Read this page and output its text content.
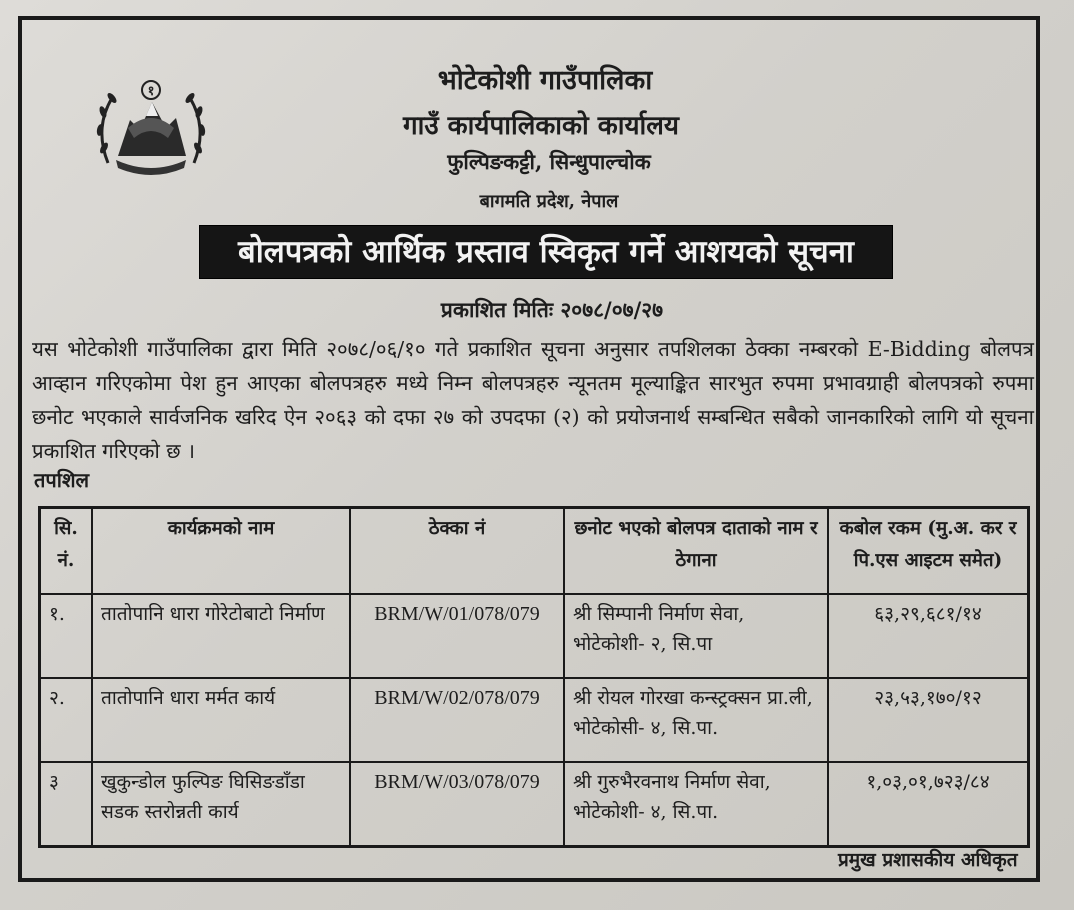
१	भोटेकोशी गाउँपालिका
गाउँ कार्यपालिकाको कार्यालय
फुल्पिङकट्टी, सिन्धुपाल्चोक
बागमति प्रदेश, नेपाल
बोलपत्रको आर्थिक प्रस्ताव स्विकृत गर्ने आशयको सूचना
प्रकाशित मितिः २०७८/०७/२७
यस भोटेकोशी गाउँपालिका द्वारा मिति २०७८/०६/१० गते प्रकाशित सूचना अनुसार तपशिलका ठेक्का नम्बरको E-Bidding बोलपत्र आव्हान गरिएकोमा पेश हुन आएका बोलपत्रहरु मध्ये निम्न बोलपत्रहरु न्यूनतम मूल्याङ्कित सारभुत रुपमा प्रभावग्राही बोलपत्रको रुपमा छनोट भएकाले सार्वजनिक खरिद ऐन २०६३ को दफा २७ को उपदफा (२) को प्रयोजनार्थ सम्बन्धित सबैको जानकारिको लागि यो सूचना प्रकाशित गरिएको छ ।
तपशिल
सि. नं.	कार्यक्रमको नाम	ठेक्का नं	छनोट भएको बोलपत्र दाताको नाम र ठेगाना	कबोल रकम (मु.अ. कर र पि.एस आइटम समेत)
१.	तातोपानि धारा गोरेटोबाटो निर्माण	BRM/W/01/078/079	श्री सिम्पानी निर्माण सेवा, भोटेकोशी- २, सि.पा	६३,२९,६८१/१४
२.	तातोपानि धारा मर्मत कार्य	BRM/W/02/078/079	श्री रोयल गोरखा कन्स्ट्रक्सन प्रा.ली, भोटेकोसी- ४, सि.पा.	२३,५३,१७०/१२
३	खुकुन्डोल फुल्पिङ घिसिङडाँडा सडक स्तरोन्नती कार्य	BRM/W/03/078/079	श्री गुरुभैरवनाथ निर्माण सेवा, भोटेकोशी- ४, सि.पा.	१,०३,०१,७२३/८४
प्रमुख प्रशासकीय अधिकृत
